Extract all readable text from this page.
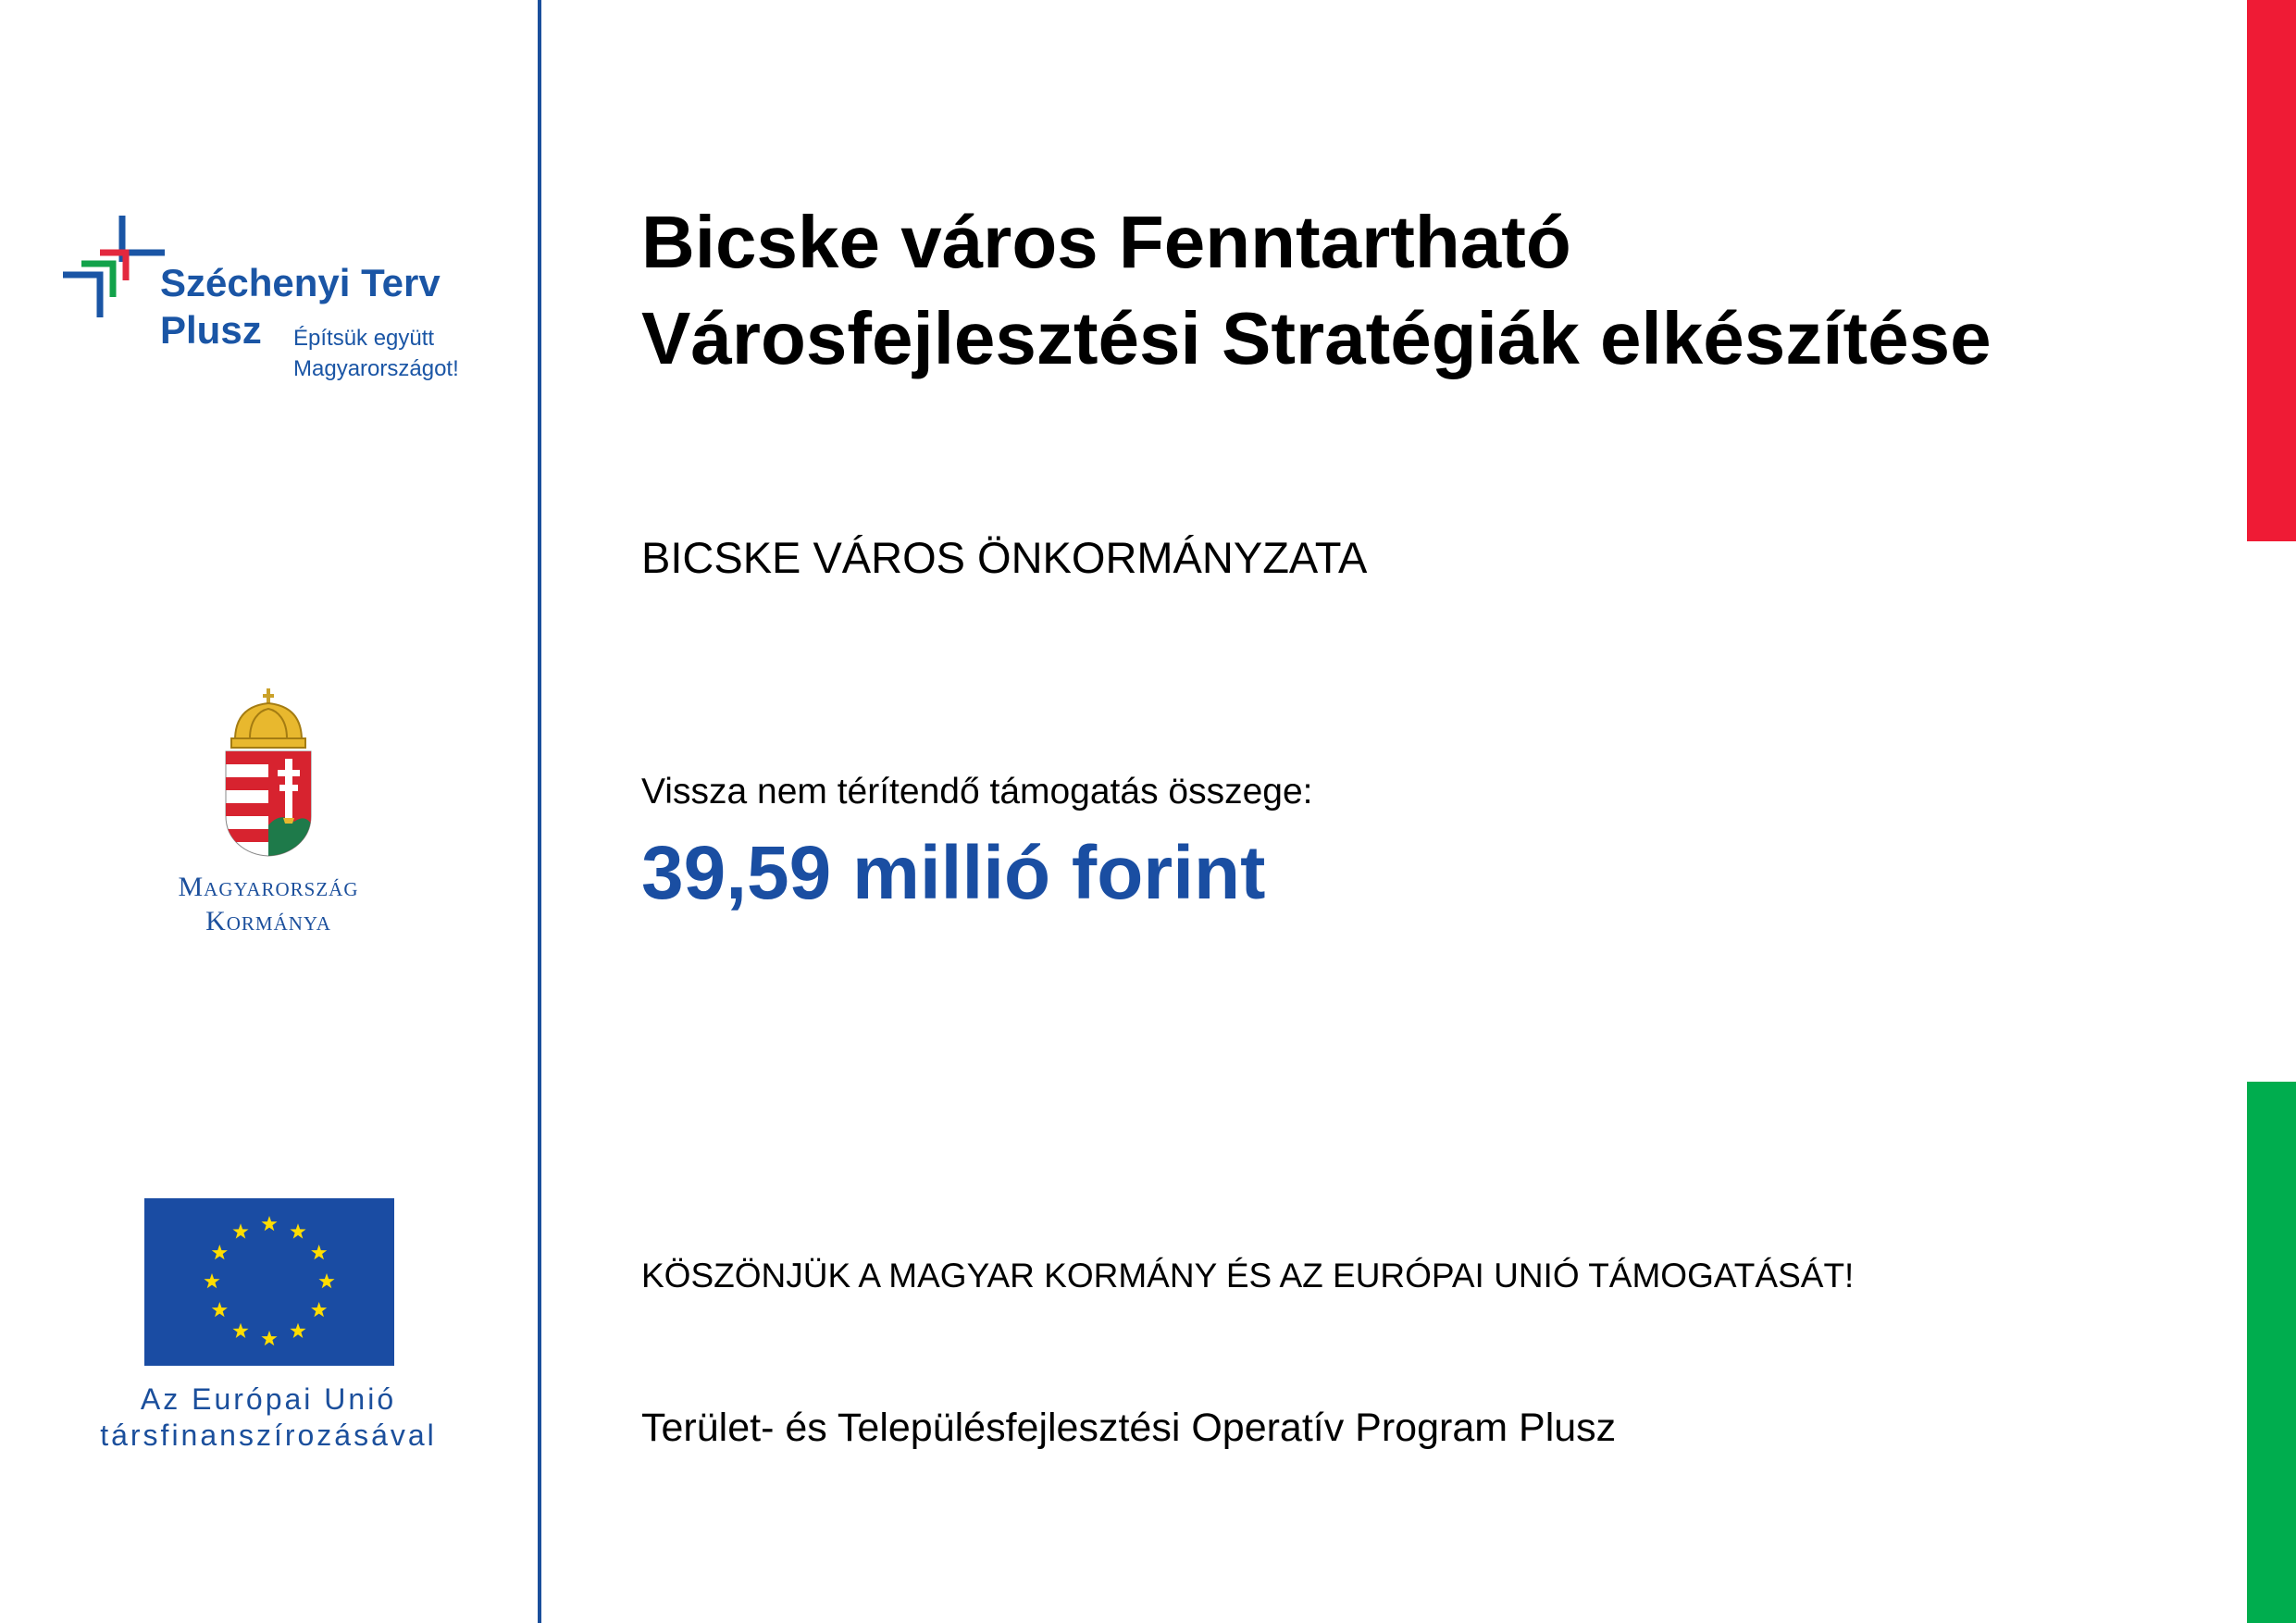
Széchenyi Terv
Plusz Építsük együtt
Magyarországot!
Magyarország
Kormánya
Az Európai Unió
társfinanszírozásával
Bicske város Fenntartható
Városfejlesztési Stratégiák elkészítése
BICSKE VÁROS ÖNKORMÁNYZATA
Vissza nem térítendő támogatás összege:
39,59 millió forint
KÖSZÖNJÜK A MAGYAR KORMÁNY ÉS AZ EURÓPAI UNIÓ TÁMOGATÁSÁT!
Terület- és Településfejlesztési Operatív Program Plusz
